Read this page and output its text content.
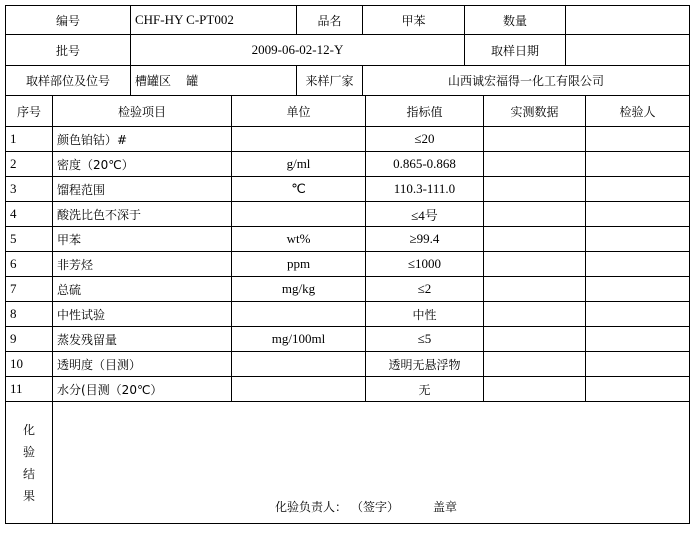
编号	CHF-HY C-PT002	品名	甲苯	数量	
批号	2009-06-02-12-Y			取样日期	
取样部位及位号	槽罐区    罐	来样厂家	山西诚宏福得一化工有限公司		
序号	检验项目	单位	指标值	实测数据	检验人
1	颜色铂钴）#		≤20		
2	密度（20℃）	g/ml	0.865-0.868		
3	馏程范围	℃	110.3-111.0		
4	酸洗比色不深于		≤4号		
5	甲苯	wt%	≥99.4		
6	非芳烃	ppm	≤1000		
7	总硫	mg/kg	≤2		
8	中性试验		中性		
9	蒸发残留量	mg/100ml	≤5		
10	透明度（目测）		透明无悬浮物		
11	水分(目测（20℃）		无		

化
验
结
果	化验负责人： （签字） 盖章				
